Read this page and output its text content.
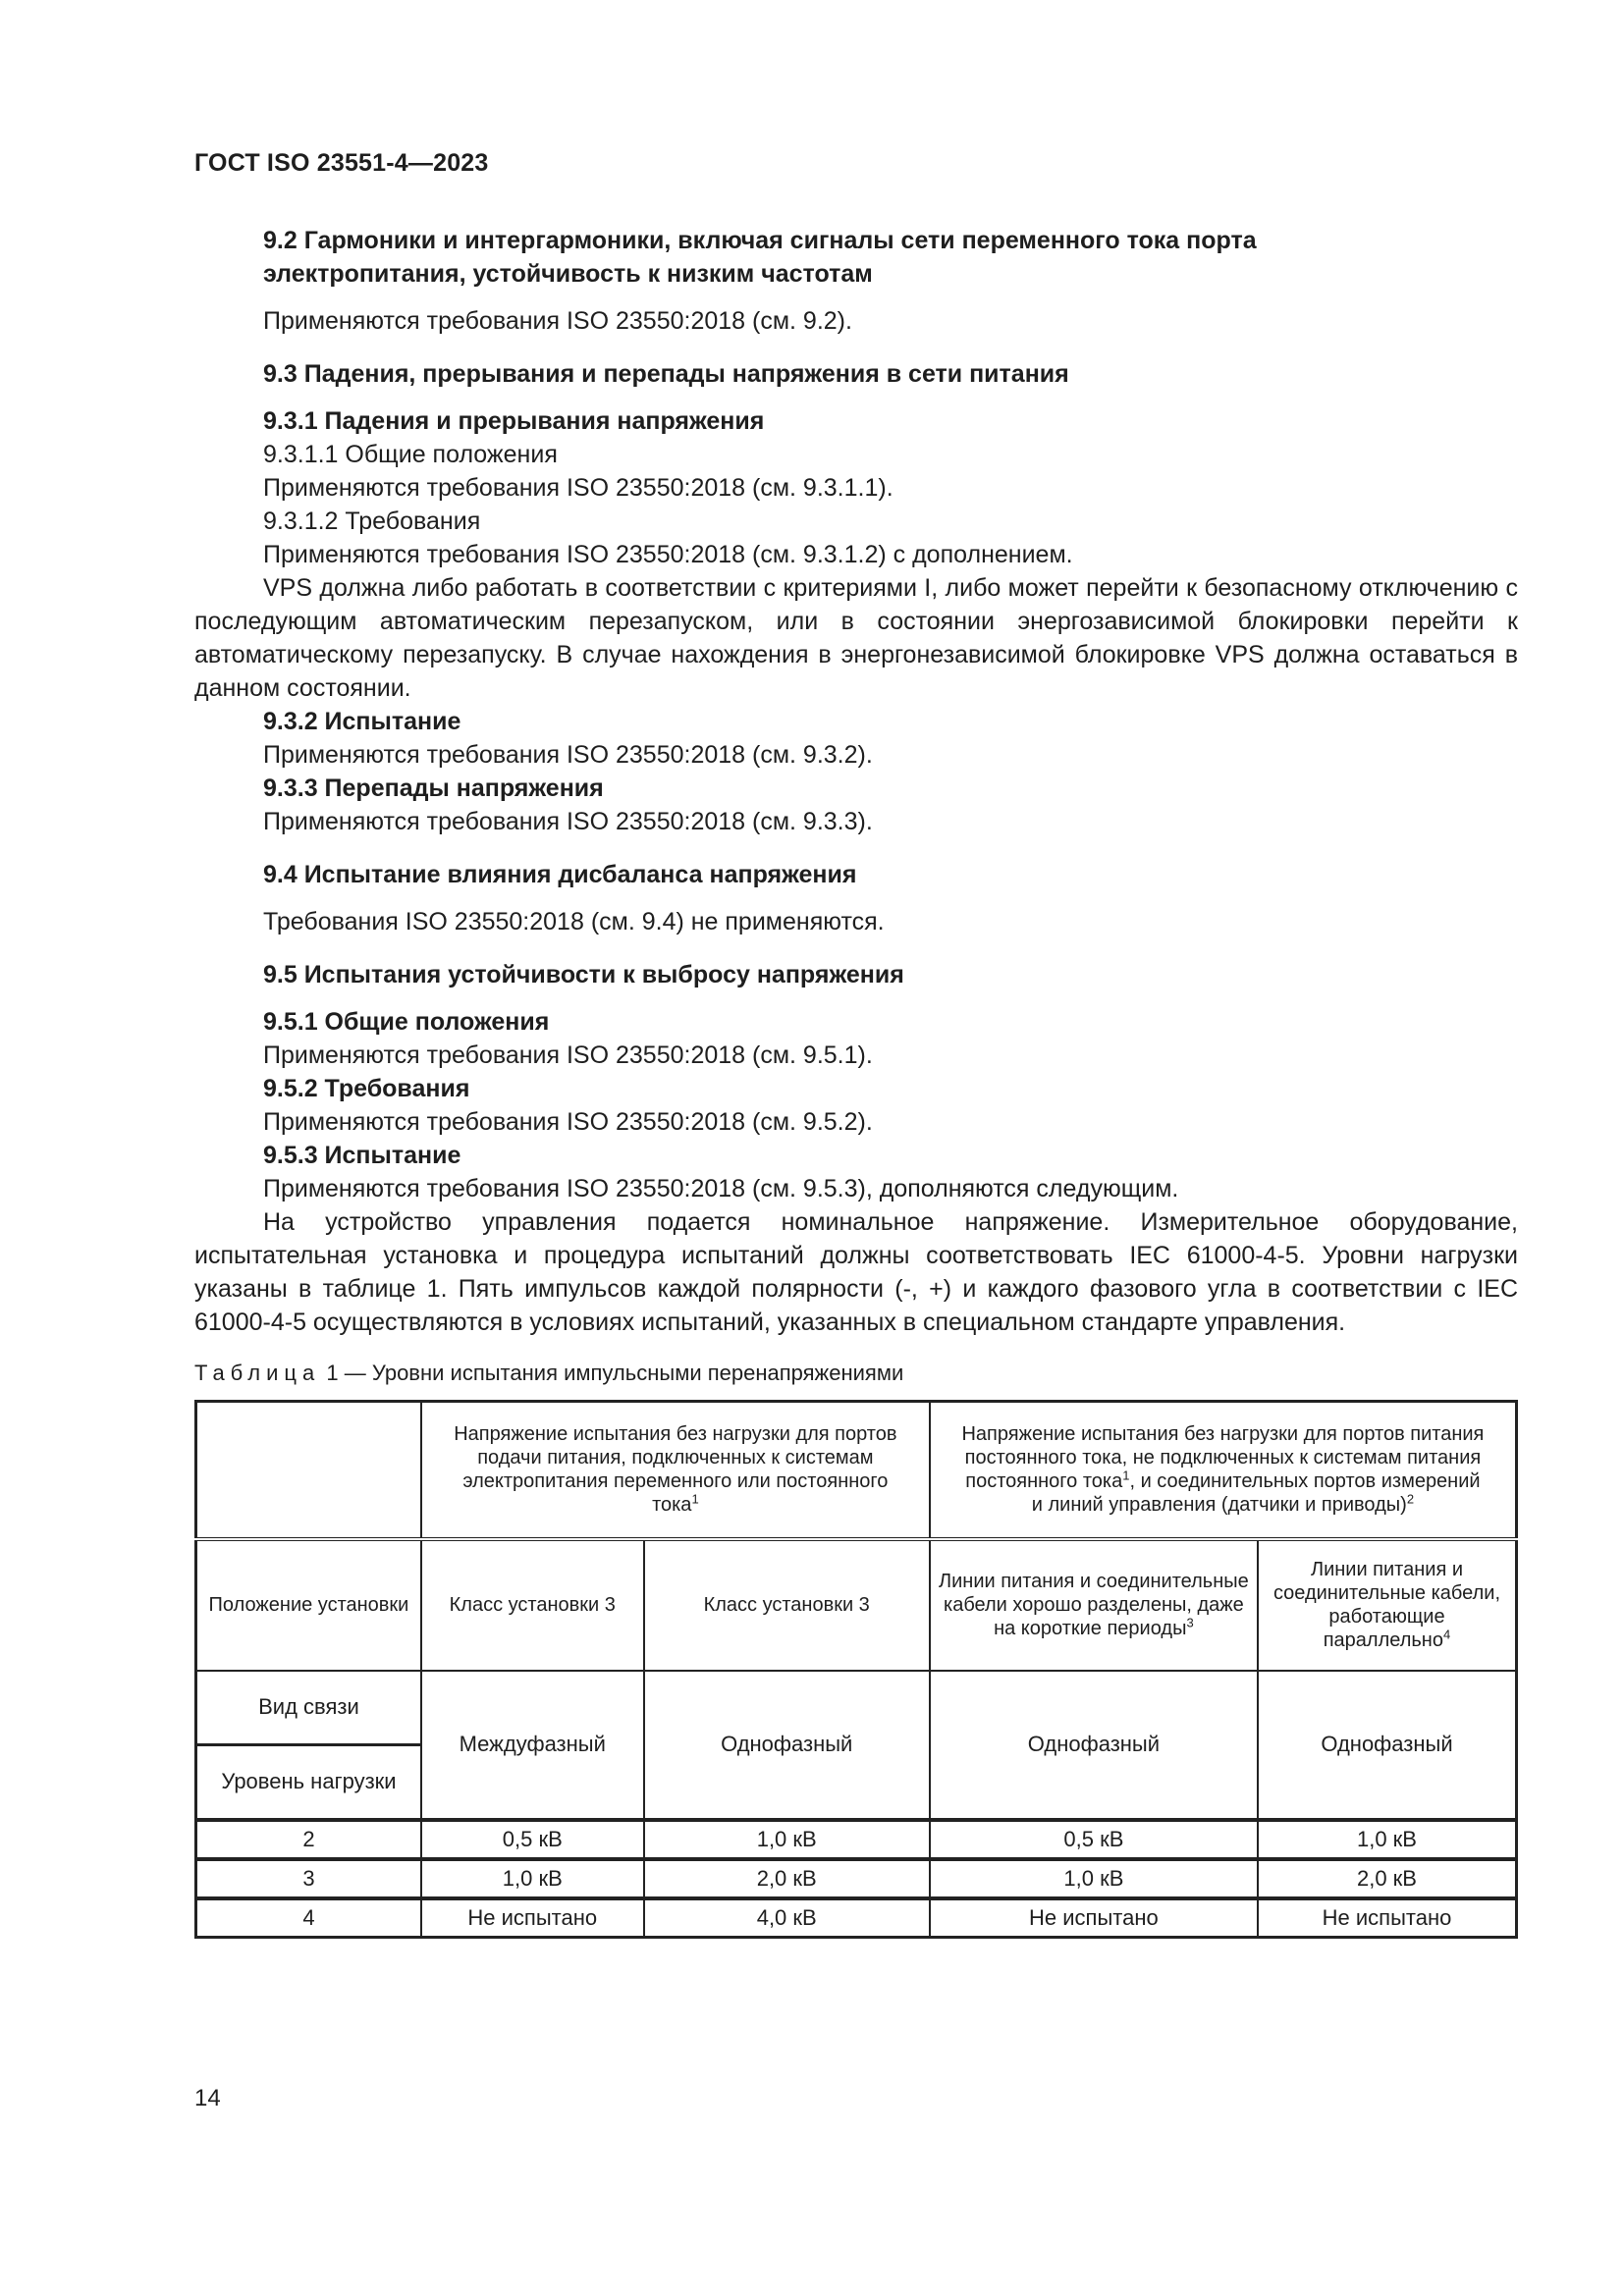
ГОСТ ISO 23551-4—2023

9.2 Гармоники и интергармоники, включая сигналы сети переменного тока порта электропитания, устойчивость к низким частотам

Применяются требования ISO 23550:2018 (см. 9.2).

9.3 Падения, прерывания и перепады напряжения в сети питания

9.3.1 Падения и прерывания напряжения

9.3.1.1 Общие положения

Применяются требования ISO 23550:2018 (см. 9.3.1.1).

9.3.1.2 Требования

Применяются требования ISO 23550:2018 (см. 9.3.1.2) с дополнением.

VPS должна либо работать в соответствии с критериями I, либо может перейти к безопасному отключению с последующим автоматическим перезапуском, или в состоянии энергозависимой блокировки перейти к автоматическому перезапуску. В случае нахождения в энергонезависимой блокировке VPS должна оставаться в данном состоянии.

9.3.2 Испытание

Применяются требования ISO 23550:2018 (см. 9.3.2).

9.3.3 Перепады напряжения

Применяются требования ISO 23550:2018 (см. 9.3.3).

9.4 Испытание влияния дисбаланса напряжения

Требования ISO 23550:2018 (см. 9.4) не применяются.

9.5 Испытания устойчивости к выбросу напряжения

9.5.1 Общие положения

Применяются требования ISO 23550:2018 (см. 9.5.1).

9.5.2 Требования

Применяются требования ISO 23550:2018 (см. 9.5.2).

9.5.3 Испытание

Применяются требования ISO 23550:2018 (см. 9.5.3), дополняются следующим.

На устройство управления подается номинальное напряжение. Измерительное оборудование, испытательная установка и процедура испытаний должны соответствовать IEC 61000-4-5. Уровни нагрузки указаны в таблице 1. Пять импульсов каждой полярности (-, +) и каждого фазового угла в соответствии с IEC 61000-4-5 осуществляются в условиях испытаний, указанных в специальном стандарте управления.

Таблица 1 — Уровни испытания импульсными перенапряжениями
	Напряжение испытания без нагрузки для портов подачи питания, подключенных к системам электропитания переменного или постоянного тока$^1$		Напряжение испытания без нагрузки для портов питания постоянного тока, не подключенных к системам питания постоянного тока$^1$, и соединительных портов измерений и линий управления (датчики и приводы)$^2$
Положение установки	Класс установки 3	Класс установки 3	Линии питания и соединительные кабели хорошо разделены, даже на короткие периоды$^3$	Линии питания и соединительные кабели, работающие параллельно$^4$
Вид связи	Междуфазный	Однофазный	Однофазный	Однофазный
Уровень нагрузки				
2	0,5 кВ	1,0 кВ	0,5 кВ	1,0 кВ
3	1,0 кВ	2,0 кВ	1,0 кВ	2,0 кВ
4	Не испытано	4,0 кВ	Не испытано	Не испытано
14
